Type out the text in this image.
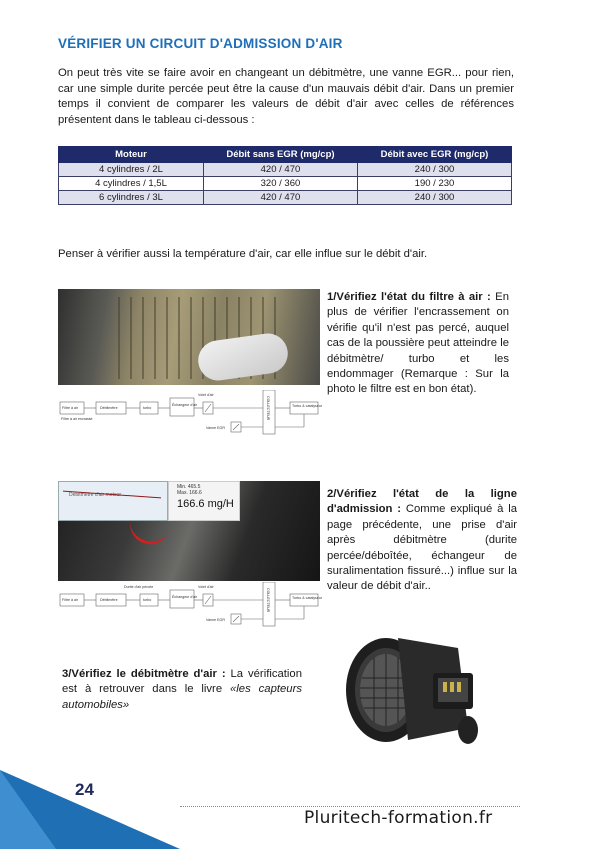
VÉRIFIER UN CIRCUIT D'ADMISSION D'AIR
On peut très vite se faire avoir en changeant un débitmètre, une vanne EGR... pour rien, car une simple durite percée peut être la cause d'un mauvais débit d'air. Dans un premier temps il convient de comparer les valeurs de débit d'air avec celles de références présentent dans le tableau ci-dessous :
Moteur	Débit sans EGR (mg/cp)	Débit avec EGR (mg/cp)
4 cylindres / 2L	420 / 470	240 / 300
4 cylindres / 1,5L	320 / 360	190 / 230
6 cylindres / 3L	420 / 470	240 / 300
Penser à vérifier aussi la température d'air, car elle influe sur le débit d'air.
1/Vérifiez l'état du filtre à air : En plus de vérifier l'encrassement on vérifie qu'il n'est pas percé, auquel cas de la poussière peut atteindre le débitmètre/ turbo et les endommager (Remarque : Sur la photo le filtre est en bon état).
Filtre à air
Filtre à air encrassé
Débitmètre	turbo
Échangeur d'air
Volet d'air
Vanne EGR
Turbo & catalyseur
COLLECTEUR
Débitmètre d'air moteur
Min. 465.5
Max. 166.6
166.6 mg/H
2/Vérifiez l'état de la ligne d'admission : Comme expliqué à la page précédente, une prise d'air après débitmètre (durite percée/déboîtée, échangeur de suralimentation fissuré...) influe sur la valeur de débit d'air..
Filtre à air	Débitmètre
Durite d'air percée
turbo
Échangeur d'air
Volet d'air
Vanne EGR
Turbo & catalyseur
COLLECTEUR
3/Vérifiez le débitmètre d'air : La vérification est à retrouver dans le livre «les capteurs automobiles»
24
Pluritech-formation.fr
